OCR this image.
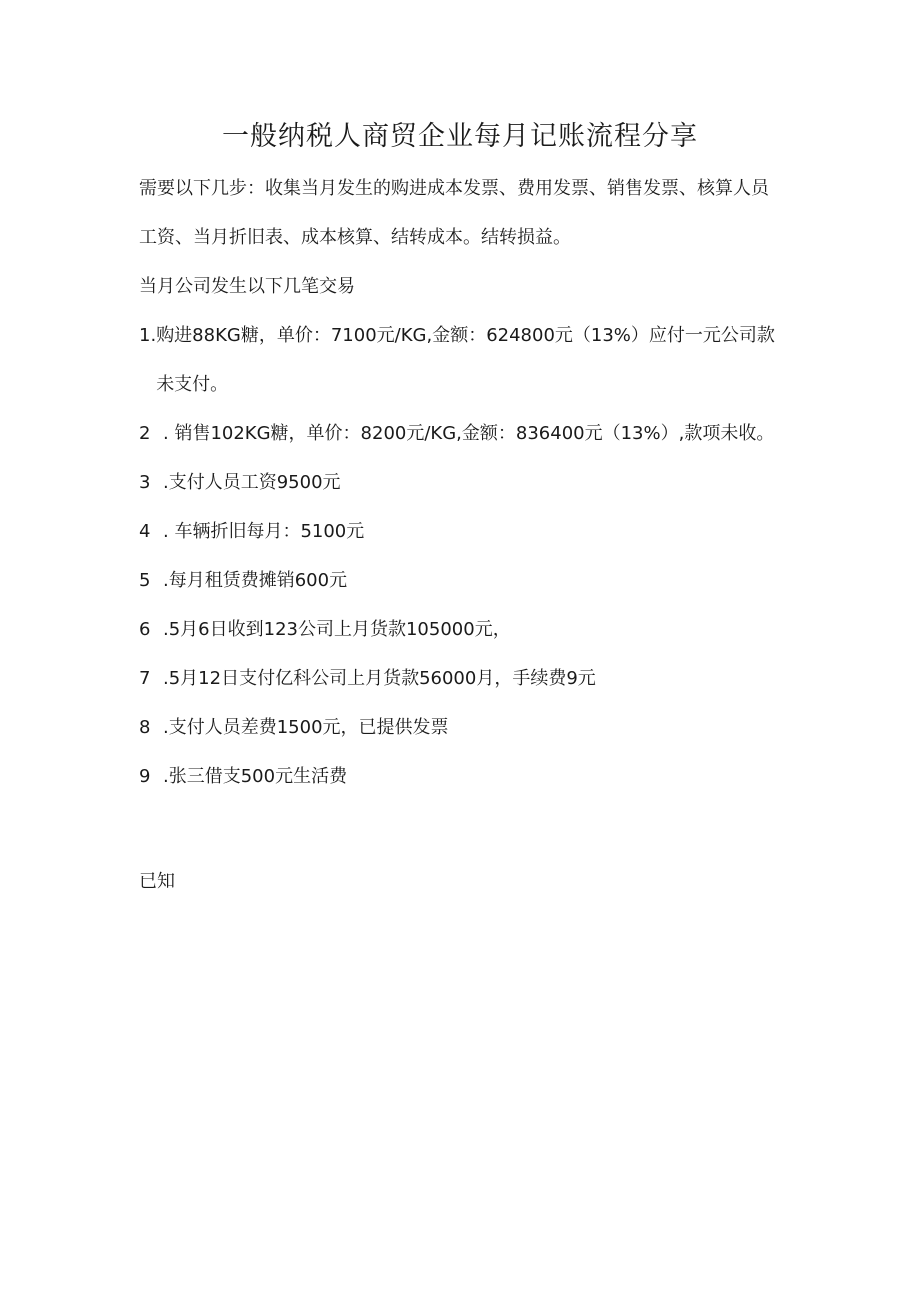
一般纳税人商贸企业每月记账流程分享

需要以下几步：收集当月发生的购进成本发票、费用发票、销售发票、核算人员工资、当月折旧表、成本核算、结转成本。结转损益。

当月公司发生以下几笔交易

1. 购进88KG糖，单价：7100元/KG,金额：624800元（13%）应付一元公司款未支付。
2 . 销售102KG糖，单价：8200元/KG,金额：836400元（13%）,款项未收。
3 .支付人员工资9500元
4 . 车辆折旧每月：5100元
5 .每月租赁费摊销600元
6 .5月6日收到123公司上月货款105000元，
7 .5月12日支付亿科公司上月货款56000月，手续费9元
8 .支付人员差费1500元，已提供发票
9 .张三借支500元生活费

已知
